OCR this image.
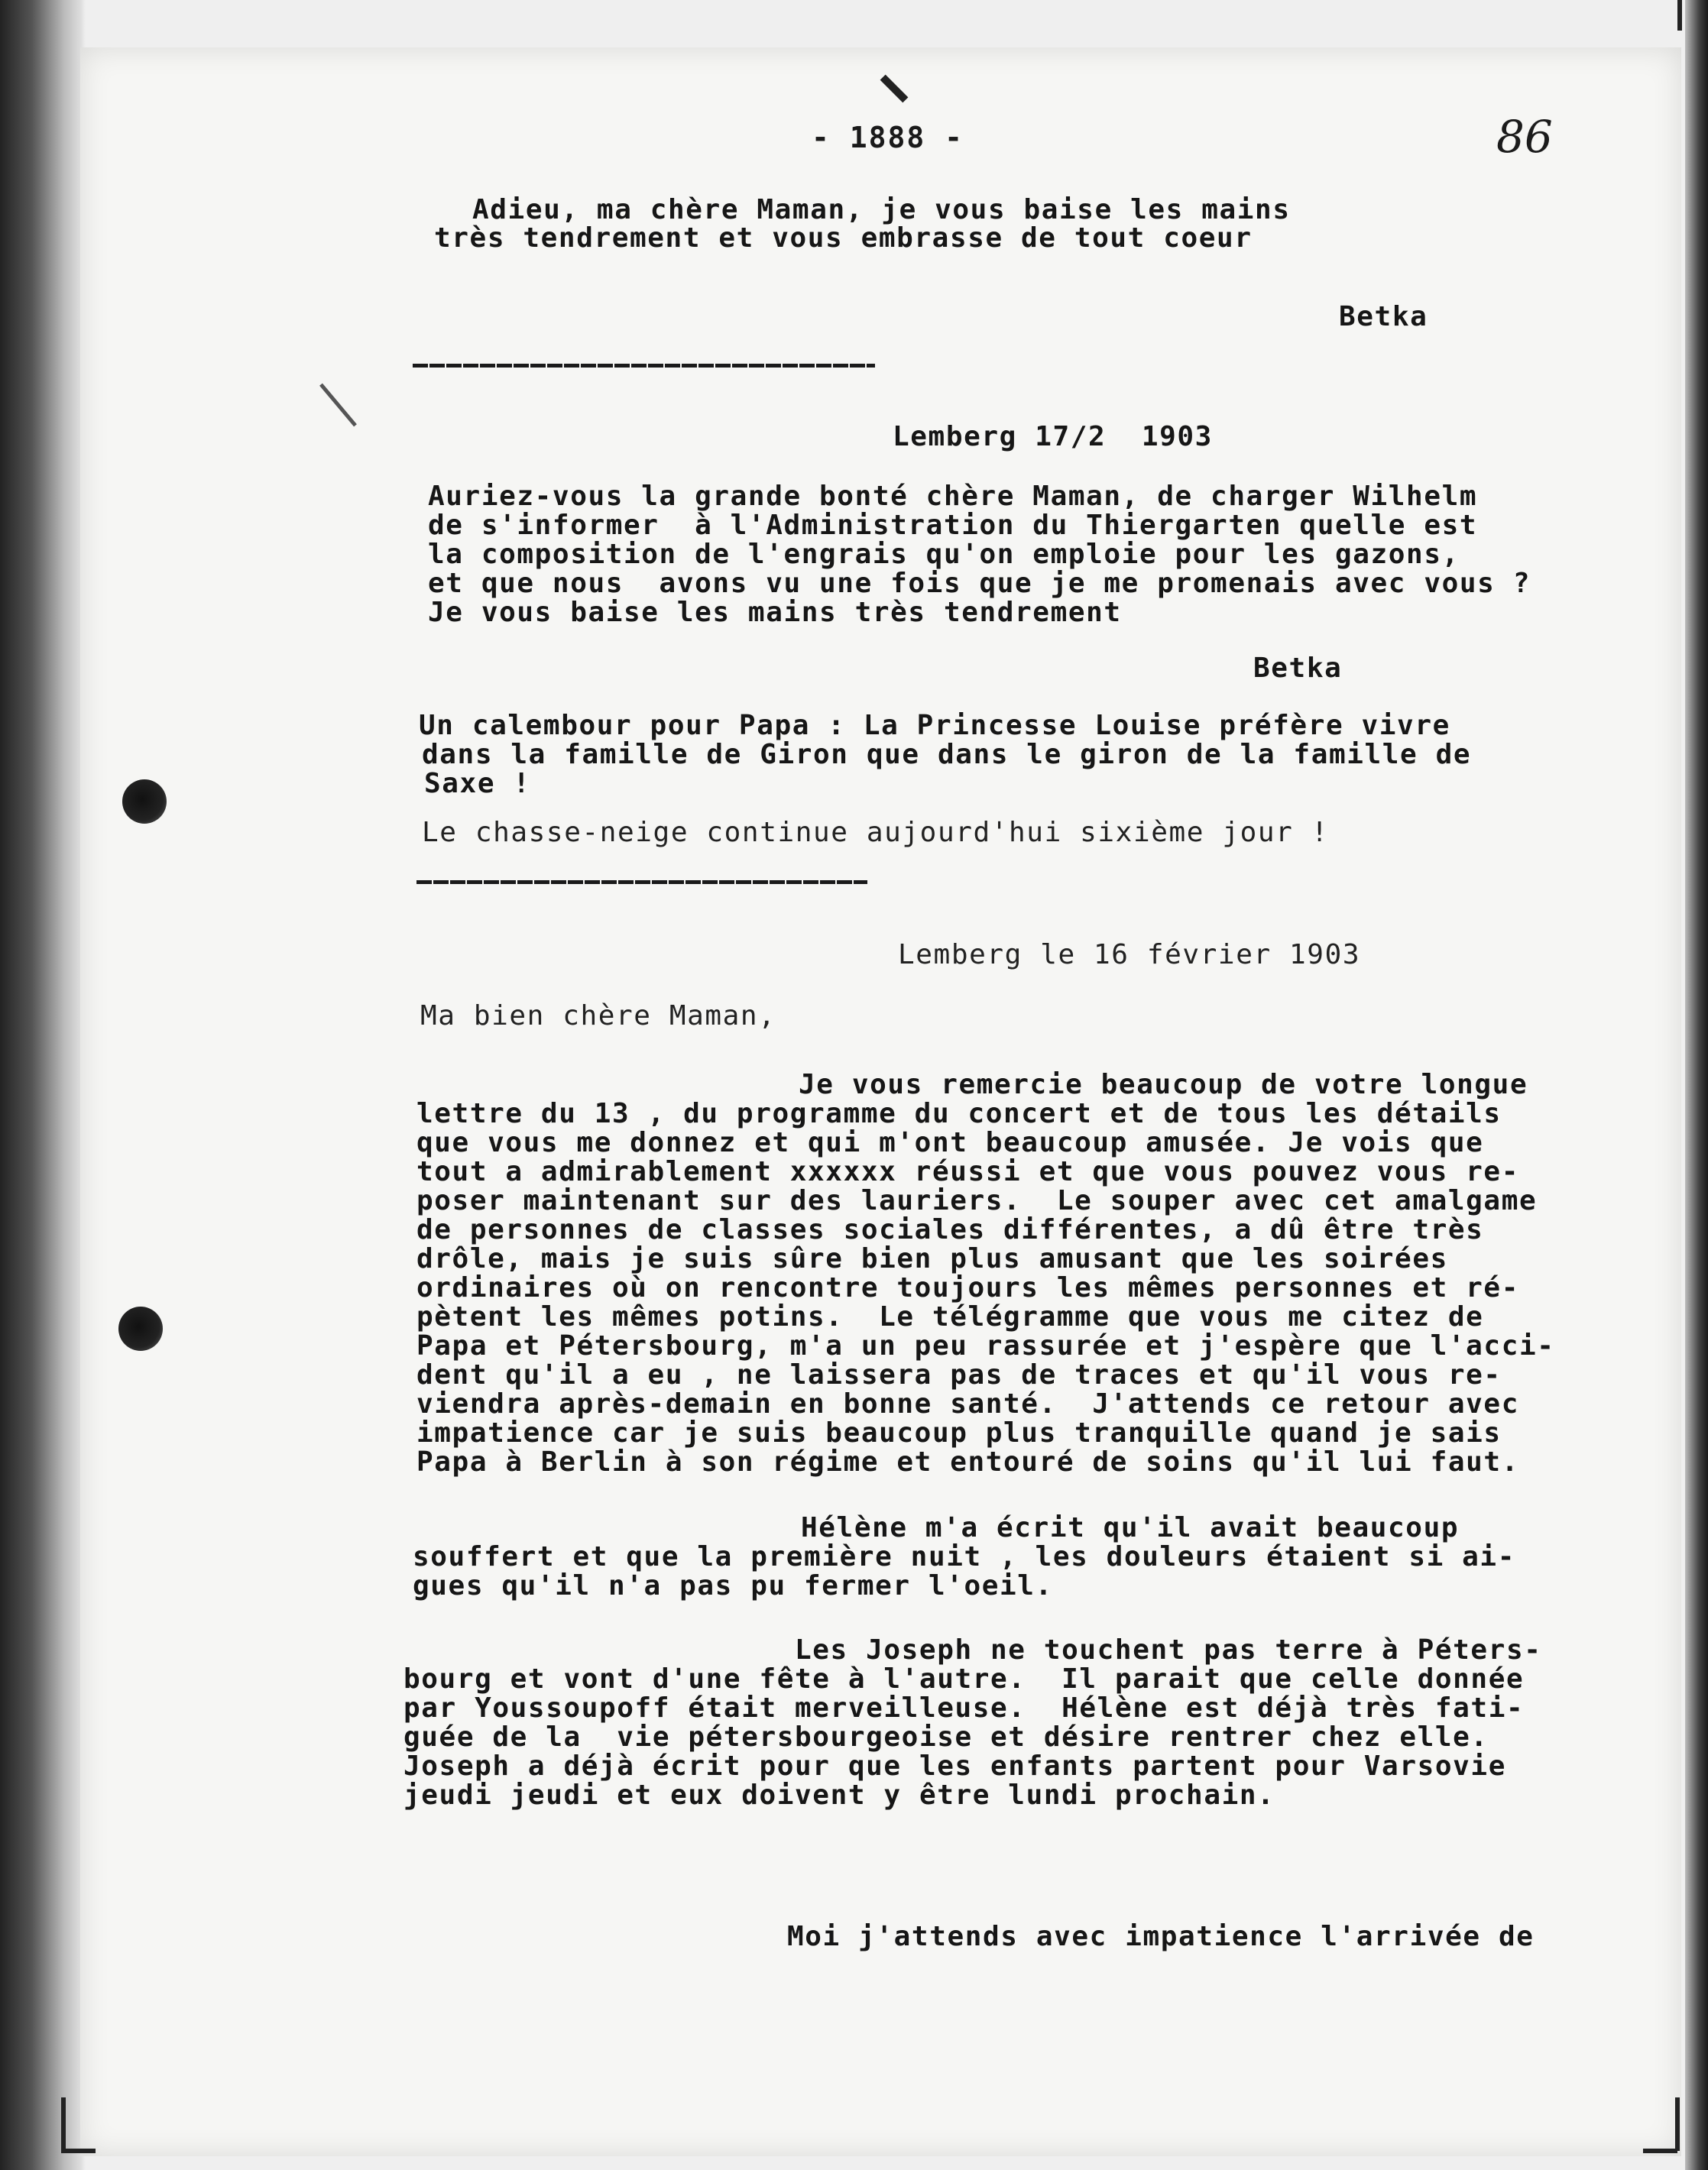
- 1888 -	86

Adieu, ma chère Maman, je vous baise les mains

très tendrement et vous embrasse de tout coeur

Betka

Lemberg 17/2  1903

Auriez-vous la grande bonté chère Maman, de charger Wilhelm

de s'informer  à l'Administration du Thiergarten quelle est

la composition de l'engrais qu'on emploie pour les gazons,

et que nous  avons vu une fois que je me promenais avec vous ?

Je vous baise les mains très tendrement

Betka

Un calembour pour Papa : La Princesse Louise préfère vivre

dans la famille de Giron que dans le giron de la famille de

Saxe !

Le chasse-neige continue aujourd'hui sixième jour !

Lemberg le 16 février 1903

Ma bien chère Maman,

Je vous remercie beaucoup de votre longue

lettre du 13 , du programme du concert et de tous les détails

que vous me donnez et qui m'ont beaucoup amusée. Je vois que

tout a admirablement xxxxxx réussi et que vous pouvez vous re-

poser maintenant sur des lauriers.  Le souper avec cet amalgame

de personnes de classes sociales différentes, a dû être très

drôle, mais je suis sûre bien plus amusant que les soirées

ordinaires où on rencontre toujours les mêmes personnes et ré-

pètent les mêmes potins.  Le télégramme que vous me citez de

Papa et Pétersbourg, m'a un peu rassurée et j'espère que l'acci-

dent qu'il a eu , ne laissera pas de traces et qu'il vous re-

viendra après-demain en bonne santé.  J'attends ce retour avec

impatience car je suis beaucoup plus tranquille quand je sais

Papa à Berlin à son régime et entouré de soins qu'il lui faut.

Hélène m'a écrit qu'il avait beaucoup

souffert et que la première nuit , les douleurs étaient si ai-

gues qu'il n'a pas pu fermer l'oeil.

Les Joseph ne touchent pas terre à Péters-

bourg et vont d'une fête à l'autre.  Il parait que celle donnée

par Youssoupoff était merveilleuse.  Hélène est déjà très fati-

guée de la  vie pétersbourgeoise et désire rentrer chez elle.

Joseph a déjà écrit pour que les enfants partent pour Varsovie

jeudi jeudi et eux doivent y être lundi prochain.

Moi j'attends avec impatience l'arrivée de
